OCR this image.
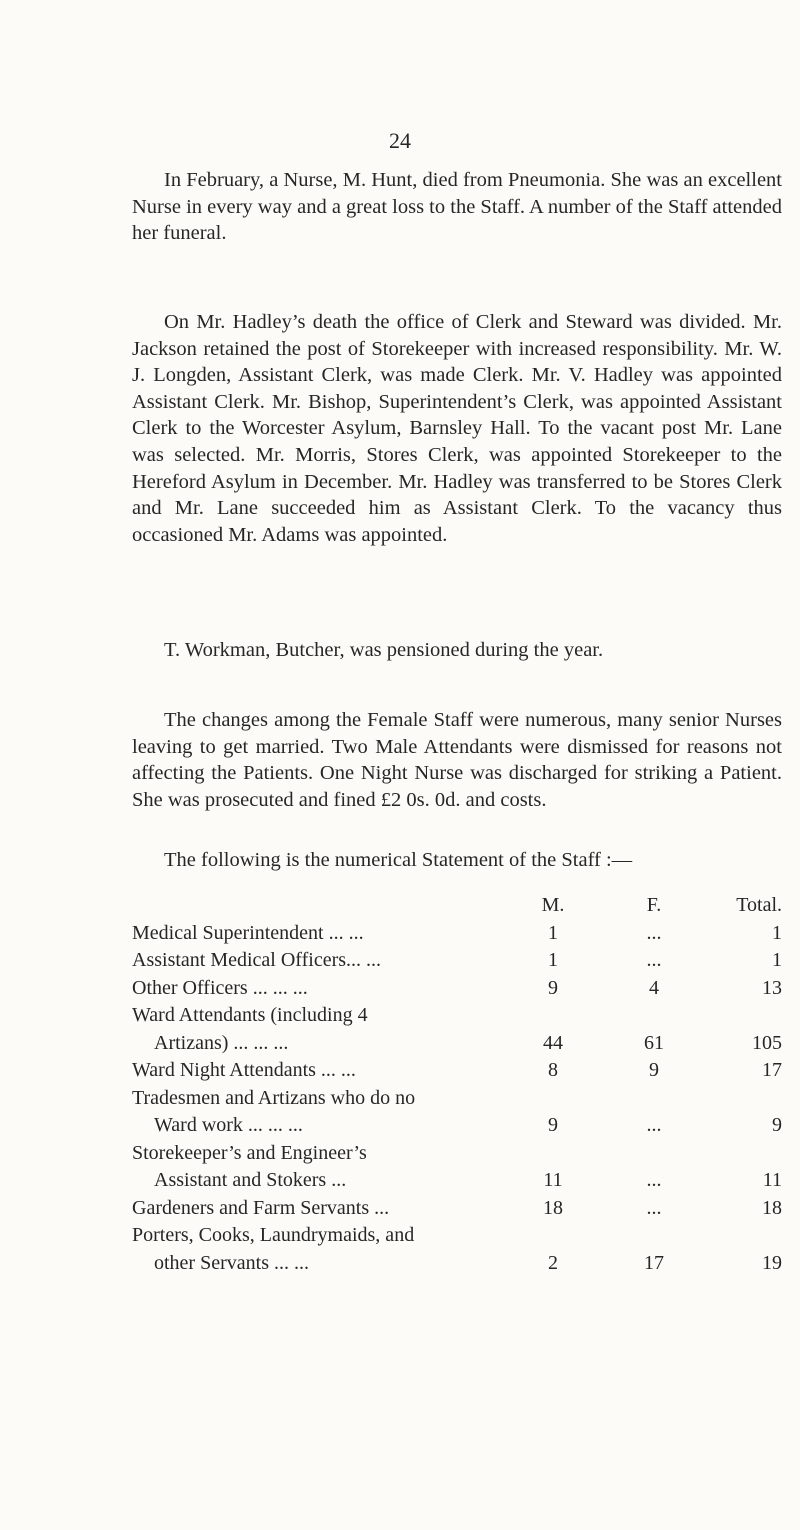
24

In February, a Nurse, M. Hunt, died from Pneumonia. She was an excellent Nurse in every way and a great loss to the Staff. A number of the Staff attended her funeral.

On Mr. Hadley’s death the office of Clerk and Steward was divided. Mr. Jackson retained the post of Storekeeper with increased responsibility. Mr. W. J. Longden, Assistant Clerk, was made Clerk. Mr. V. Hadley was appointed Assistant Clerk. Mr. Bishop, Superintendent’s Clerk, was appointed Assistant Clerk to the Worcester Asylum, Barnsley Hall. To the vacant post Mr. Lane was selected. Mr. Morris, Stores Clerk, was appointed Storekeeper to the Hereford Asylum in December. Mr. Hadley was transferred to be Stores Clerk and Mr. Lane succeeded him as Assistant Clerk. To the vacancy thus occasioned Mr. Adams was appointed.

T. Workman, Butcher, was pensioned during the year.

The changes among the Female Staff were numerous, many senior Nurses leaving to get married. Two Male Attendants were dismissed for reasons not affecting the Patients. One Night Nurse was discharged for striking a Patient. She was prosecuted and fined £2 0s. 0d. and costs.

The following is the numerical Statement of the Staff :—

	M.	F.	Total.
Medical Superintendent ... ...	1	...	1
Assistant Medical Officers... ...	1	...	1
Other Officers ... ... ...	9	4	13
Ward Attendants (including 4
Artizans) ... ... ...	44	61	105
Ward Night Attendants ... ...	8	9	17
Tradesmen and Artizans who do no
Ward work ... ... ...	9	...	9
Storekeeper’s and Engineer’s
Assistant and Stokers ...	11	...	11
Gardeners and Farm Servants ...	18	...	18
Porters, Cooks, Laundrymaids, and
other Servants ... ...	2	17	19
